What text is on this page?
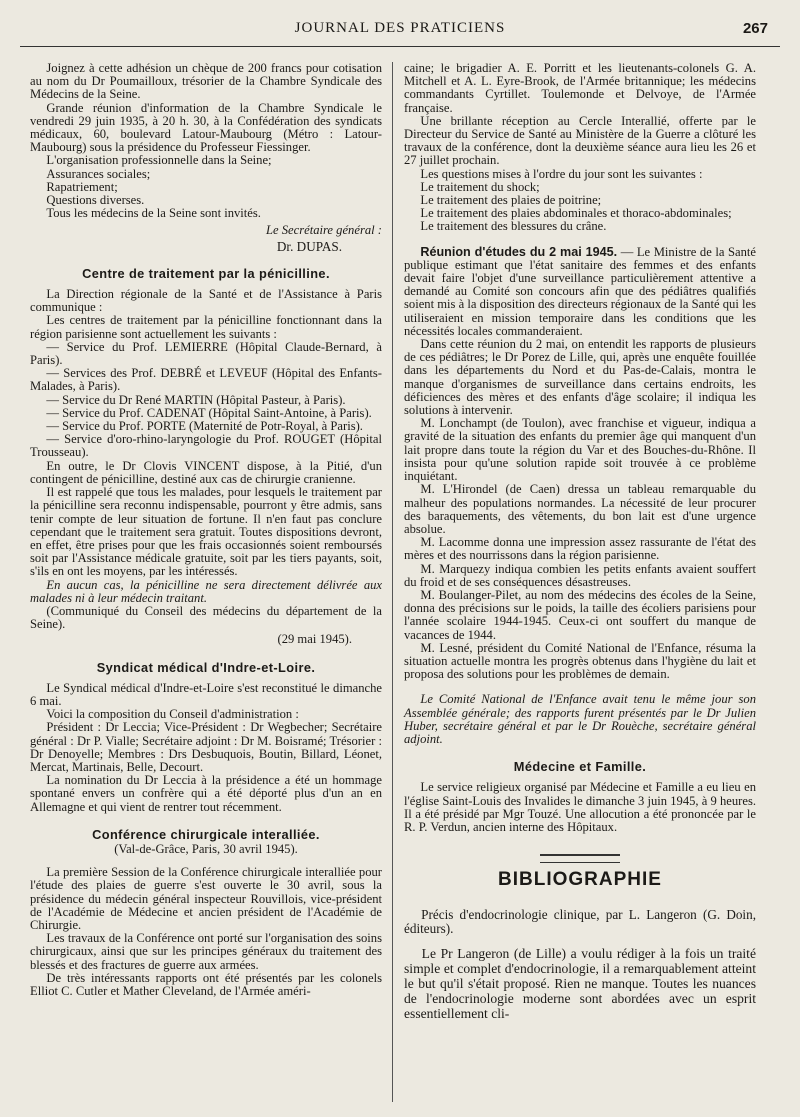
JOURNAL DES PRATICIENS	267

Joignez à cette adhésion un chèque de 200 francs pour cotisation au nom du Dr Poumailloux, trésorier de la Chambre Syndicale des Médecins de la Seine.

Grande réunion d'information de la Chambre Syndicale le vendredi 29 juin 1935, à 20 h. 30, à la Confédération des syndicats médicaux, 60, boulevard Latour-Maubourg (Métro : Latour-Maubourg) sous la présidence du Professeur Fiessinger.

L'organisation professionnelle dans la Seine;

Assurances sociales;

Rapatriement;

Questions diverses.

Tous les médecins de la Seine sont invités.

Le Secrétaire général :
Dr. DUPAS.
Centre de traitement par la pénicilline.

La Direction régionale de la Santé et de l'Assistance à Paris communique :

Les centres de traitement par la pénicilline fonctionnant dans la région parisienne sont actuellement les suivants :

— Service du Prof. LEMIERRE (Hôpital Claude-Bernard, à Paris).

— Services des Prof. DEBRÉ et LEVEUF (Hôpital des Enfants-Malades, à Paris).

— Service du Dr René MARTIN (Hôpital Pasteur, à Paris).

— Service du Prof. CADENAT (Hôpital Saint-Antoine, à Paris).

— Service du Prof. PORTE (Maternité de Potr-Royal, à Paris).

— Service d'oro-rhino-laryngologie du Prof. ROUGET (Hôpital Trousseau).

En outre, le Dr Clovis VINCENT dispose, à la Pitié, d'un contingent de pénicilline, destiné aux cas de chirurgie cranienne.

Il est rappelé que tous les malades, pour lesquels le traitement par la pénicilline sera reconnu indispensable, pourront y être admis, sans tenir compte de leur situation de fortune. Il n'en faut pas conclure cependant que le traitement sera gratuit. Toutes dispositions devront, en effet, être prises pour que les frais occasionnés soient remboursés soit par l'Assistance médicale gratuite, soit par les tiers payants, soit, s'ils en ont les moyens, par les intéressés.

En aucun cas, la pénicilline ne sera directement délivrée aux malades ni à leur médecin traitant.

(Communiqué du Conseil des médecins du département de la Seine).

(29 mai 1945).

Syndicat médical d'Indre-et-Loire.

Le Syndical médical d'Indre-et-Loire s'est reconstitué le dimanche 6 mai.

Voici la composition du Conseil d'administration :

Président : Dr Leccia; Vice-Président : Dr Wegbecher; Secrétaire général : Dr P. Vialle; Secrétaire adjoint : Dr M. Boisramé; Trésorier : Dr Denoyelle; Membres : Drs Desbuquois, Boutin, Billard, Léonet, Mercat, Martinais, Belle, Decourt.

La nomination du Dr Leccia à la présidence a été un hommage spontané envers un confrère qui a été déporté plus d'un an en Allemagne et qui vient de rentrer tout récemment.

Conférence chirurgicale interalliée.
(Val-de-Grâce, Paris, 30 avril 1945).

La première Session de la Conférence chirurgicale interalliée pour l'étude des plaies de guerre s'est ouverte le 30 avril, sous la présidence du médecin général inspecteur Rouvillois, vice-président de l'Académie de Médecine et ancien président de l'Académie de Chirurgie.

Les travaux de la Conférence ont porté sur l'organisation des soins chirurgicaux, ainsi que sur les principes généraux du traitement des blessés et des fractures de guerre aux armées.

De très intéressants rapports ont été présentés par les colonels Elliot C. Cutler et Mather Cleveland, de l'Armée améri-

caine; le brigadier A. E. Porritt et les lieutenants-colonels G. A. Mitchell et A. L. Eyre-Brook, de l'Armée britannique; les médecins commandants Cyrtillet. Toulemonde et Delvoye, de l'Armée française.

Une brillante réception au Cercle Interallié, offerte par le Directeur du Service de Santé au Ministère de la Guerre a clôturé les travaux de la conférence, dont la deuxième séance aura lieu les 26 et 27 juillet prochain.

Les questions mises à l'ordre du jour sont les suivantes :

Le traitement du shock;

Le traitement des plaies de poitrine;

Le traitement des plaies abdominales et thoraco-abdominales;

Le traitement des blessures du crâne.

Réunion d'études du 2 mai 1945. — Le Ministre de la Santé publique estimant que l'état sanitaire des femmes et des enfants devait faire l'objet d'une surveillance particulièrement attentive a demandé au Comité son concours afin que des pédiâtres qualifiés soient mis à la disposition des directeurs régionaux de la Santé qui les utiliseraient en mission temporaire dans les conditions que les nécessités locales commanderaient.

Dans cette réunion du 2 mai, on entendit les rapports de plusieurs de ces pédiâtres; le Dr Porez de Lille, qui, après une enquête fouillée dans les départements du Nord et du Pas-de-Calais, montra le manque d'organismes de surveillance dans certains endroits, les déficiences des mères et des enfants d'âge scolaire; il indiqua les solutions à intervenir.

M. Lonchampt (de Toulon), avec franchise et vigueur, indiqua a gravité de la situation des enfants du premier âge qui manquent d'un lait propre dans toute la région du Var et des Bouches-du-Rhône. Il insista pour qu'une solution rapide soit trouvée à ce problème inquiétant.

M. L'Hirondel (de Caen) dressa un tableau remarquable du malheur des populations normandes. La nécessité de leur procurer des baraquements, des vêtements, du bon lait est d'une urgence absolue.

M. Lacomme donna une impression assez rassurante de l'état des mères et des nourrissons dans la région parisienne.

M. Marquezy indiqua combien les petits enfants avaient souffert du froid et de ses conséquences désastreuses.

M. Boulanger-Pilet, au nom des médecins des écoles de la Seine, donna des précisions sur le poids, la taille des écoliers parisiens pour l'année scolaire 1944-1945. Ceux-ci ont souffert du manque de vacances de 1944.

M. Lesné, président du Comité National de l'Enfance, résuma la situation actuelle montra les progrès obtenus dans l'hygiène du lait et proposa des solutions pour les problèmes de demain.

Le Comité National de l'Enfance avait tenu le même jour son Assemblée générale; des rapports furent présentés par le Dr Julien Huber, secrétaire général et par le Dr Rouèche, secrétaire général adjoint.

Médecine et Famille.

Le service religieux organisé par Médecine et Famille a eu lieu en l'église Saint-Louis des Invalides le dimanche 3 juin 1945, à 9 heures. Il a été présidé par Mgr Touzé. Une allocution a été prononcée par le R. P. Verdun, ancien interne des Hôpitaux.

BIBLIOGRAPHIE

Précis d'endocrinologie clinique, par L. Langeron (G. Doin, éditeurs).

Le Pr Langeron (de Lille) a voulu rédiger à la fois un traité simple et complet d'endocrinologie, il a remarquablement atteint le but qu'il s'était proposé. Rien ne manque. Toutes les nuances de l'endocrinologie moderne sont abordées avec un esprit essentiellement cli-
